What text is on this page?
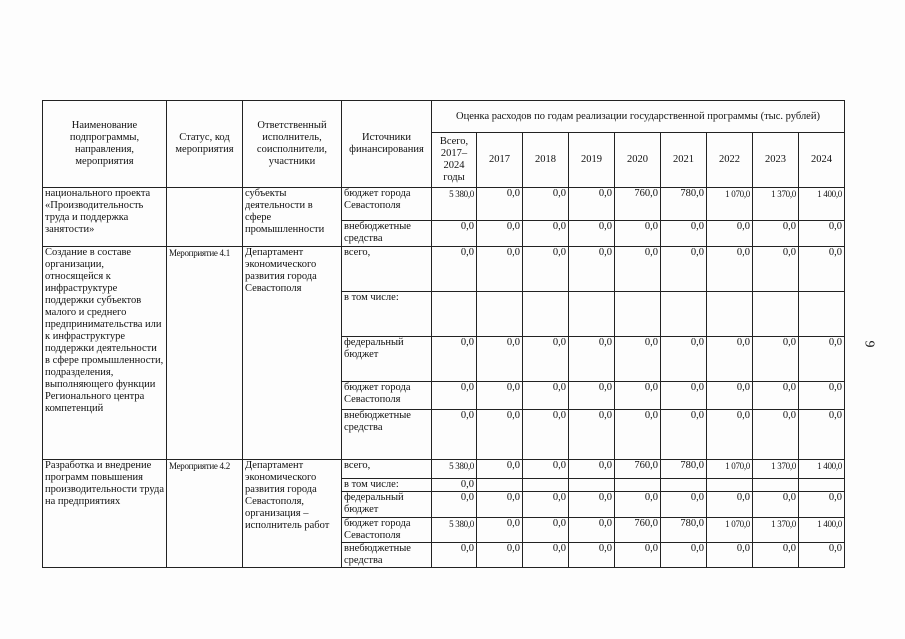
Наименование подпрограммы, направления, мероприятия	Статус, код мероприятия	Ответственный исполнитель, соисполнители, участники	Источники финансирования	Оценка расходов по годам реализации государственной программы (тыс. рублей)								
				Всего, 2017–2024 годы	2017	2018	2019	2020	2021	2022	2023	2024
национального проекта «Производительность труда и поддержка занятости»		субъекты деятельности в сфере промышленности	бюджет города Севастополя	5 380,0	0,0	0,0	0,0	760,0	780,0	1 070,0	1 370,0	1 400,0
			внебюджетные средства	0,0	0,0	0,0	0,0	0,0	0,0	0,0	0,0	0,0
Создание в составе организации, относящейся к инфраструктуре поддержки субъектов малого и среднего предпринимательства или к инфраструктуре поддержки деятельности в сфере промышленности, подразделения, выполняющего функции Регионального центра компетенций	Мероприятие 4.1	Департамент экономического развития города Севастополя	всего,	0,0	0,0	0,0	0,0	0,0	0,0	0,0	0,0	0,0
			в том числе:									
			федеральный бюджет	0,0	0,0	0,0	0,0	0,0	0,0	0,0	0,0	0,0
			бюджет города Севастополя	0,0	0,0	0,0	0,0	0,0	0,0	0,0	0,0	0,0
			внебюджетные средства	0,0	0,0	0,0	0,0	0,0	0,0	0,0	0,0	0,0
Разработка и внедрение программ повышения производительности труда на предприятиях	Мероприятие 4.2	Департамент экономического развития города Севастополя, организация – исполнитель работ	всего,	5 380,0	0,0	0,0	0,0	760,0	780,0	1 070,0	1 370,0	1 400,0
			в том числе:	0,0								
			федеральный бюджет	0,0	0,0	0,0	0,0	0,0	0,0	0,0	0,0	0,0
			бюджет города Севастополя	5 380,0	0,0	0,0	0,0	760,0	780,0	1 070,0	1 370,0	1 400,0
			внебюджетные средства	0,0	0,0	0,0	0,0	0,0	0,0	0,0	0,0	0,0
9
